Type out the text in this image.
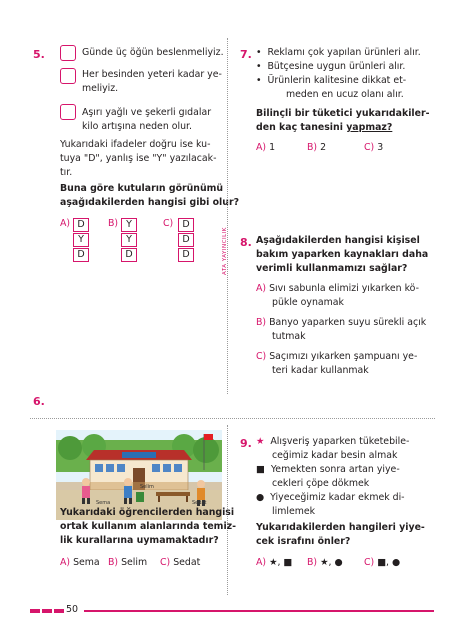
5.	Günde üç öğün beslenmeliyiz.
Her besinden yeteri kadar ye-
meliyiz.
Aşırı yağlı ve şekerli gıdalar
kilo artışına neden olur.
Yukarıdaki ifadeler doğru ise ku-
tuya "D", yanlış ise "Y" yazılacak-
tır.
Buna göre kutuların görünümü
aşağıdakilerden hangisi gibi olur?
A) D
Y
D
B) Y
Y
D
C) D
D
D	ATA YAYINCILIK
7. •  Reklamı çok yapılan ürünleri alır.
•  Bütçesine uygun ürünleri alır.
•  Ürünlerin kalitesine dikkat et-
meden en ucuz olanı alır.
Bilinçli bir tüketici yukarıdakiler-
den kaç tanesini yapmaz?
A) 1	B) 2	C) 3
8. Aşağıdakilerden hangisi kişisel
bakım yaparken kaynakları daha
verimli kullanmamızı sağlar?
A) Sıvı sabunla elimizi yıkarken kö-
pükle oynamak
B) Banyo yaparken suyu sürekli açık
tutmak
C) Saçımızı yıkarken şampuanı ye-
teri kadar kullanmak
6.
Sema
Selim
Sedat
Yukarıdaki öğrencilerden hangisi
ortak kullanım alanlarında temiz-
lik kurallarına uymamaktadır?
A) Sema B) Selim C) Sedat
9. ★ Alışveriş yaparken tüketebile-
ceğimiz kadar besin almak
■ Yemekten sonra artan yiye-
cekleri çöpe dökmek
● Yiyeceğimiz kadar ekmek di-
limlemek
Yukarıdakilerden hangileri yiye-
cek israfını önler?
A) ★, ■ B) ★, ● C) ■, ●
50
